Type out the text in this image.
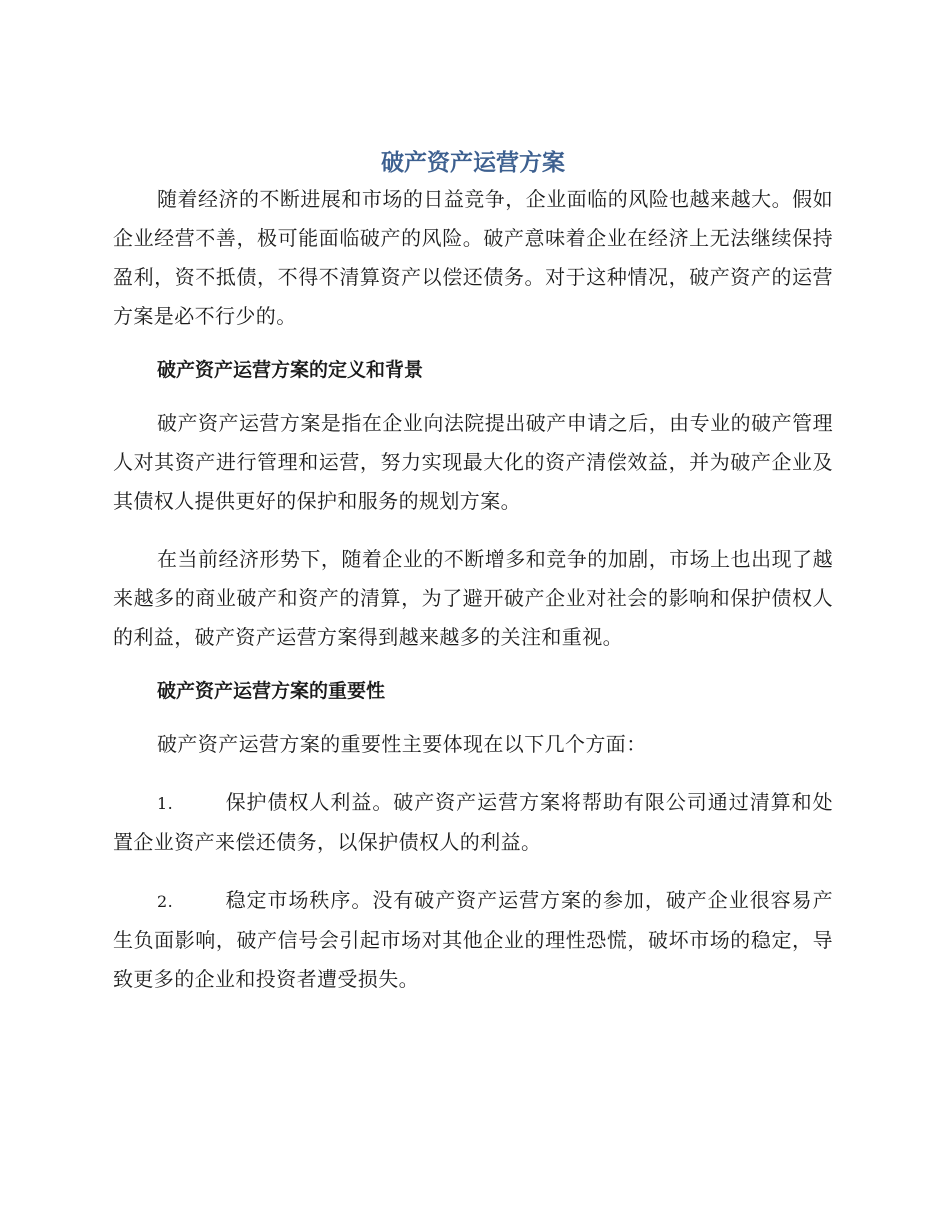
破产资产运营方案

随着经济的不断进展和市场的日益竞争，企业面临的风险也越来越大。假如企业经营不善，极可能面临破产的风险。破产意味着企业在经济上无法继续保持盈利，资不抵债，不得不清算资产以偿还债务。对于这种情况，破产资产的运营方案是必不行少的。

破产资产运营方案的定义和背景

破产资产运营方案是指在企业向法院提出破产申请之后，由专业的破产管理人对其资产进行管理和运营，努力实现最大化的资产清偿效益，并为破产企业及其债权人提供更好的保护和服务的规划方案。

在当前经济形势下，随着企业的不断增多和竞争的加剧，市场上也出现了越来越多的商业破产和资产的清算，为了避开破产企业对社会的影响和保护债权人的利益，破产资产运营方案得到越来越多的关注和重视。

破产资产运营方案的重要性

破产资产运营方案的重要性主要体现在以下几个方面：

1.	保护债权人利益。破产资产运营方案将帮助有限公司通过清算和处置企业资产来偿还债务，以保护债权人的利益。

2.	稳定市场秩序。没有破产资产运营方案的参加，破产企业很容易产生负面影响，破产信号会引起市场对其他企业的理性恐慌，破坏市场的稳定，导致更多的企业和投资者遭受损失。
